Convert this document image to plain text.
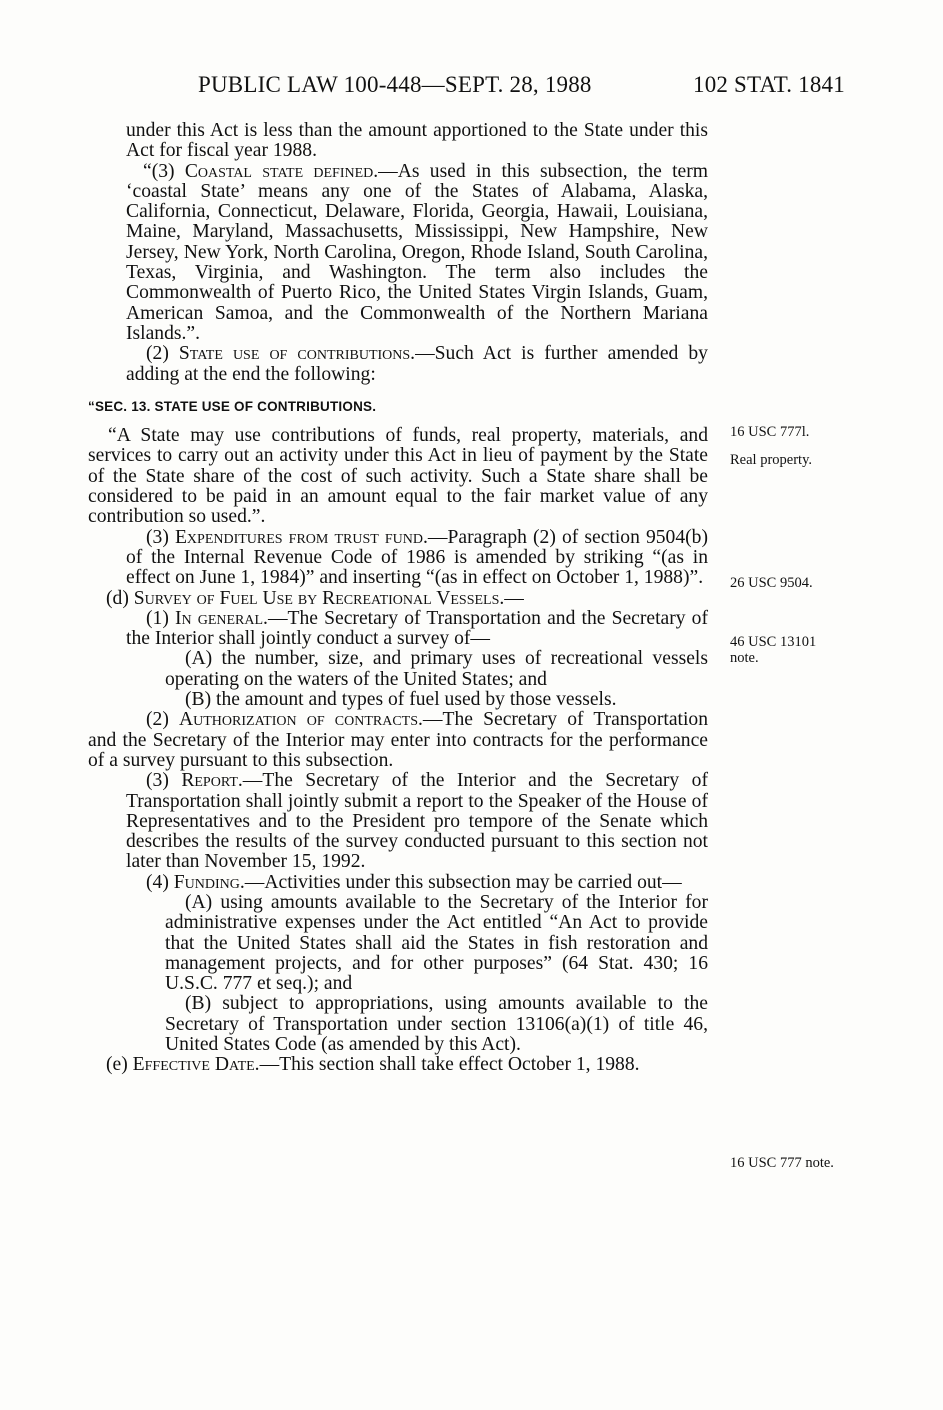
PUBLIC LAW 100-448—SEPT. 28, 1988	102 STAT. 1841

under this Act is less than the amount apportioned to the State under this Act for fiscal year 1988.

“(3) Coastal state defined.—As used in this subsection, the term ‘coastal State’ means any one of the States of Alabama, Alaska, California, Connecticut, Delaware, Florida, Georgia, Hawaii, Louisiana, Maine, Maryland, Massachusetts, Mississippi, New Hampshire, New Jersey, New York, North Carolina, Oregon, Rhode Island, South Carolina, Texas, Virginia, and Washington. The term also includes the Commonwealth of Puerto Rico, the United States Virgin Islands, Guam, American Samoa, and the Commonwealth of the Northern Mariana Islands.”.

(2) State use of contributions.—Such Act is further amended by adding at the end the following:

“SEC. 13. STATE USE OF CONTRIBUTIONS.

“A State may use contributions of funds, real property, materials, and services to carry out an activity under this Act in lieu of payment by the State of the State share of the cost of such activity. Such a State share shall be considered to be paid in an amount equal to the fair market value of any contribution so used.”.

(3) Expenditures from trust fund.—Paragraph (2) of section 9504(b) of the Internal Revenue Code of 1986 is amended by striking “(as in effect on June 1, 1984)” and inserting “(as in effect on October 1, 1988)”.

(d) Survey of Fuel Use by Recreational Vessels.—

(1) In general.—The Secretary of Transportation and the Secretary of the Interior shall jointly conduct a survey of—

(A) the number, size, and primary uses of recreational vessels operating on the waters of the United States; and

(B) the amount and types of fuel used by those vessels.

(2) Authorization of contracts.—The Secretary of Transportation and the Secretary of the Interior may enter into contracts for the performance of a survey pursuant to this subsection.

(3) Report.—The Secretary of the Interior and the Secretary of Transportation shall jointly submit a report to the Speaker of the House of Representatives and to the President pro tempore of the Senate which describes the results of the survey conducted pursuant to this section not later than November 15, 1992.

(4) Funding.—Activities under this subsection may be carried out—

(A) using amounts available to the Secretary of the Interior for administrative expenses under the Act entitled “An Act to provide that the United States shall aid the States in fish restoration and management projects, and for other purposes” (64 Stat. 430; 16 U.S.C. 777 et seq.); and

(B) subject to appropriations, using amounts available to the Secretary of Transportation under section 13106(a)(1) of title 46, United States Code (as amended by this Act).

(e) Effective Date.—This section shall take effect October 1, 1988.

16 USC 777l.
Real property.
26 USC 9504.
46 USC 13101
note.
16 USC 777 note.
